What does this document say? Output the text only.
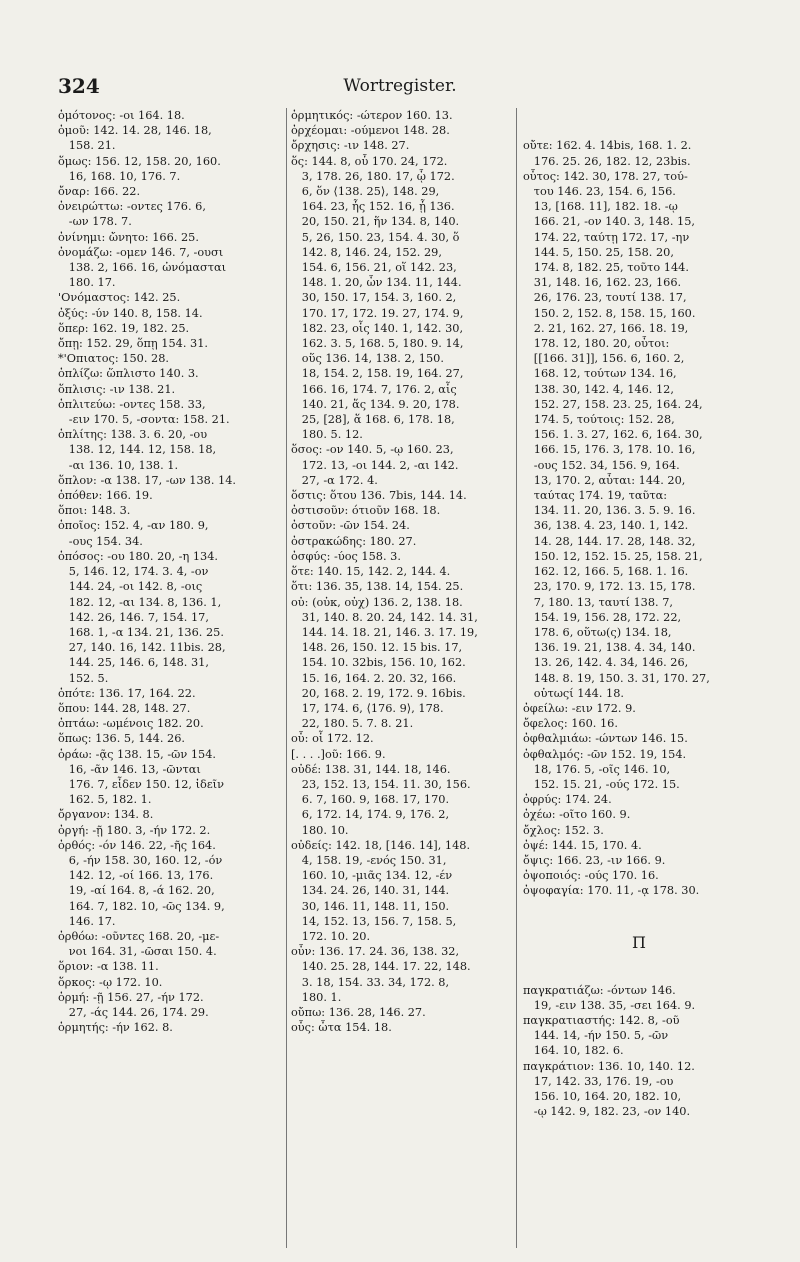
324	Wortregister.
ὁμότονος: -οι 164. 18.
ὁμοῦ: 142. 14. 28, 146. 18,
158. 21.
ὅμως: 156. 12, 158. 20, 160.
16, 168. 10, 176. 7.
ὄναρ: 166. 22.
ὀνειρώττω: -οντες 176. 6,
-ων 178. 7.
ὀνίνημι: ὤνητο: 166. 25.
ὀνομάζω: -ομεν 146. 7, -ουσι
138. 2, 166. 16, ὠνόμασται
180. 17.
'Ονόμαστος: 142. 25.
ὀξύς: -ύν 140. 8, 158. 14.
ὅπερ: 162. 19, 182. 25.
ὄπῃ: 152. 29, ὅπῃ 154. 31.
*'Οπιατος: 150. 28.
ὁπλίζω: ὥπλιστο 140. 3.
ὅπλισις: -ιν 138. 21.
ὁπλιτεύω: -οντες 158. 33,
-ειν 170. 5, -σοντα: 158. 21.
ὁπλίτης: 138. 3. 6. 20, -ου
138. 12, 144. 12, 158. 18,
-αι 136. 10, 138. 1.
ὅπλον: -α 138. 17, -ων 138. 14.
ὁπόθεν: 166. 19.
ὅποι: 148. 3.
ὁποῖος: 152. 4, -αν 180. 9,
-ους 154. 34.
ὁπόσος: -ου 180. 20, -η 134.
5, 146. 12, 174. 3. 4, -ον
144. 24, -οι 142. 8, -οις
182. 12, -αι 134. 8, 136. 1,
142. 26, 146. 7, 154. 17,
168. 1, -α 134. 21, 136. 25.
27, 140. 16, 142. 11bis. 28,
144. 25, 146. 6, 148. 31,
152. 5.
ὁπότε: 136. 17, 164. 22.
ὅπου: 144. 28, 148. 27.
ὀπτάω: -ωμένοις 182. 20.
ὅπως: 136. 5, 144. 26.
ὁράω: -ᾷς 138. 15, -ῶν 154.
16, -ᾶν 146. 13, -ῶνται
176. 7, εἶδεν 150. 12, ἰδεῖν
162. 5, 182. 1.
ὄργανον: 134. 8.
ὀργή: -ῇ 180. 3, -ήν 172. 2.
ὀρθός: -όν 146. 22, -ῆς 164.
6, -ήν 158. 30, 160. 12, -όν
142. 12, -οί 166. 13, 176.
19, -αί 164. 8, -ά 162. 20,
164. 7, 182. 10, -ῶς 134. 9,
146. 17.
ὀρθόω: -οῦντες 168. 20, -με-
νοι 164. 31, -ῶσαι 150. 4.
ὅριον: -α 138. 11.
ὅρκος: -ῳ 172. 10.
ὁρμή: -ῇ 156. 27, -ήν 172.
27, -άς 144. 26, 174. 29.
ὁρμητής: -ήν 162. 8.
ὁρμητικός: -ώτερον 160. 13.
ὀρχέομαι: -ούμενοι 148. 28.
ὄρχησις: -ιν 148. 27.
ὅς: 144. 8, οὗ 170. 24, 172.
3, 178. 26, 180. 17, ᾧ 172.
6, ὅν ⟨138. 25⟩, 148. 29,
164. 23, ἧς 152. 16, ᾗ 136.
20, 150. 21, ἥν 134. 8, 140.
5, 26, 150. 23, 154. 4. 30, ὅ
142. 8, 146. 24, 152. 29,
154. 6, 156. 21, οἵ 142. 23,
148. 1. 20, ὧν 134. 11, 144.
30, 150. 17, 154. 3, 160. 2,
170. 17, 172. 19. 27, 174. 9,
182. 23, οἷς 140. 1, 142. 30,
162. 3. 5, 168. 5, 180. 9. 14,
οὕς 136. 14, 138. 2, 150.
18, 154. 2, 158. 19, 164. 27,
166. 16, 174. 7, 176. 2, αἷς
140. 21, ἅς 134. 9. 20, 178.
25, [28], ἅ 168. 6, 178. 18,
180. 5. 12.
ὅσος: -ον 140. 5, -ῳ 160. 23,
172. 13, -οι 144. 2, -αι 142.
27, -α 172. 4.
ὅστις: ὅτου 136. 7bis, 144. 14.
ὀστισοῦν: ότιοῦν 168. 18.
ὀστοῦν: -ῶν 154. 24.
ὀστρακώδης: 180. 27.
ὀσφύς: -ύος 158. 3.
ὅτε: 140. 15, 142. 2, 144. 4.
ὅτι: 136. 35, 138. 14, 154. 25.
οὐ: (οὐκ, οὐχ) 136. 2, 138. 18.
31, 140. 8. 20. 24, 142. 14. 31,
144. 14. 18. 21, 146. 3. 17. 19,
148. 26, 150. 12. 15 bis. 17,
154. 10. 32bis, 156. 10, 162.
15. 16, 164. 2. 20. 32, 166.
20, 168. 2. 19, 172. 9. 16bis.
17, 174. 6, ⟨176. 9⟩, 178.
22, 180. 5. 7. 8. 21.
οὗ: οἷ 172. 12.
[. . . .]οῦ: 166. 9.
οὐδέ: 138. 31, 144. 18, 146.
23, 152. 13, 154. 11. 30, 156.
6. 7, 160. 9, 168. 17, 170.
6, 172. 14, 174. 9, 176. 2,
180. 10.
οὐδείς: 142. 18, [146. 14], 148.
4, 158. 19, -ενός 150. 31,
160. 10, -μιᾶς 134. 12, -έν
134. 24. 26, 140. 31, 144.
30, 146. 11, 148. 11, 150.
14, 152. 13, 156. 7, 158. 5,
172. 10. 20.
οὖν: 136. 17. 24. 36, 138. 32,
140. 25. 28, 144. 17. 22, 148.
3. 18, 154. 33. 34, 172. 8,
180. 1.
οὔπω: 136. 28, 146. 27.
οὗς: ὦτα 154. 18.

οὔτε: 162. 4. 14bis, 168. 1. 2.
176. 25. 26, 182. 12, 23bis.
οὗτος: 142. 30, 178. 27, τού-
του 146. 23, 154. 6, 156.
13, [168. 11], 182. 18. -ῳ
166. 21, -ον 140. 3, 148. 15,
174. 22, ταύτῃ 172. 17, -ην
144. 5, 150. 25, 158. 20,
174. 8, 182. 25, τοῦτο 144.
31, 148. 16, 162. 23, 166.
26, 176. 23, τουτί 138. 17,
150. 2, 152. 8, 158. 15, 160.
2. 21, 162. 27, 166. 18. 19,
178. 12, 180. 20, οὗτοι:
[[166. 31]], 156. 6, 160. 2,
168. 12, τούτων 134. 16,
138. 30, 142. 4, 146. 12,
152. 27, 158. 23. 25, 164. 24,
174. 5, τούτοις: 152. 28,
156. 1. 3. 27, 162. 6, 164. 30,
166. 15, 176. 3, 178. 10. 16,
-ους 152. 34, 156. 9, 164.
13, 170. 2, αὗται: 144. 20,
ταύτας 174. 19, ταῦτα:
134. 11. 20, 136. 3. 5. 9. 16.
36, 138. 4. 23, 140. 1, 142.
14. 28, 144. 17. 28, 148. 32,
150. 12, 152. 15. 25, 158. 21,
162. 12, 166. 5, 168. 1. 16.
23, 170. 9, 172. 13. 15, 178.
7, 180. 13, ταυτί 138. 7,
154. 19, 156. 28, 172. 22,
178. 6, οὕτω(ς) 134. 18,
136. 19. 21, 138. 4. 34, 140.
13. 26, 142. 4. 34, 146. 26,
148. 8. 19, 150. 3. 31, 170. 27,
οὑτωςί 144. 18.
ὀφείλω: -ειν 172. 9.
ὄφελος: 160. 16.
ὀφθαλμιάω: -ώντων 146. 15.
ὀφθαλμός: -ῶν 152. 19, 154.
18, 176. 5, -οῖς 146. 10,
152. 15. 21, -ούς 172. 15.
ὀφρύς: 174. 24.
ὀχέω: -οῖτο 160. 9.
ὄχλος: 152. 3.
ὀψέ: 144. 15, 170. 4.
ὄψις: 166. 23, -ιν 166. 9.
ὀψοποιός: -ούς 170. 16.
ὀψοφαγία: 170. 11, -ᾳ 178. 30.

Π

παγκρατιάζω: -όντων 146.
19, -ειν 138. 35, -σει 164. 9.
παγκρατιαστής: 142. 8, -οῦ
144. 14, -ήν 150. 5, -ῶν
164. 10, 182. 6.
παγκράτιον: 136. 10, 140. 12.
17, 142. 33, 176. 19, -ου
156. 10, 164. 20, 182. 10,
-ῳ 142. 9, 182. 23, -ον 140.
